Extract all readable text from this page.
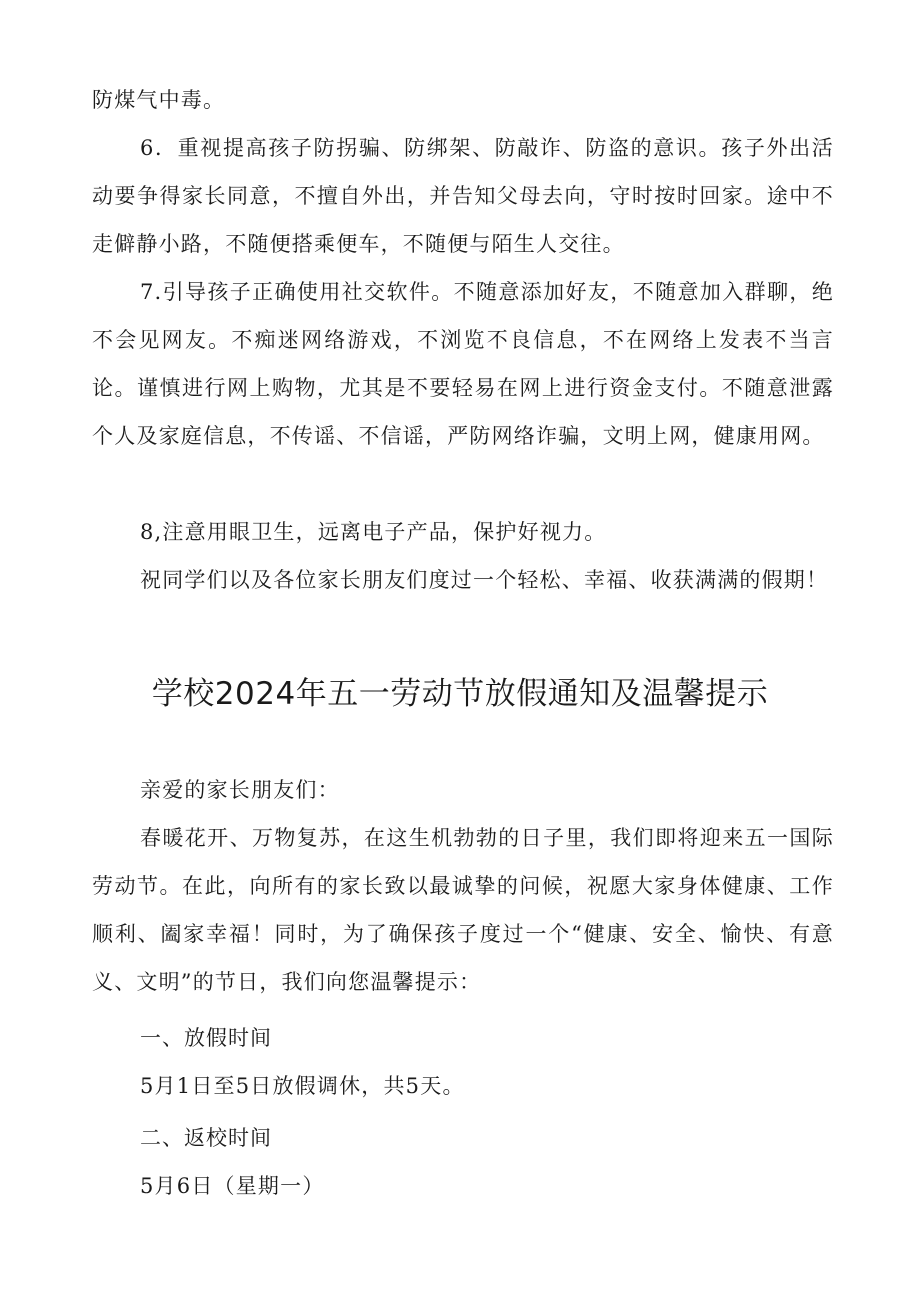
防煤气中毒。
6．重视提高孩子防拐骗、防绑架、防敲诈、防盗的意识。孩子外出活动要争得家长同意，不擅自外出，并告知父母去向，守时按时回家。途中不走僻静小路，不随便搭乘便车，不随便与陌生人交往。
7.引导孩子正确使用社交软件。不随意添加好友，不随意加入群聊，绝不会见网友。不痴迷网络游戏，不浏览不良信息，不在网络上发表不当言论。谨慎进行网上购物，尤其是不要轻易在网上进行资金支付。不随意泄露个人及家庭信息，不传谣、不信谣，严防网络诈骗，文明上网，健康用网。
8,注意用眼卫生，远离电子产品，保护好视力。
祝同学们以及各位家长朋友们度过一个轻松、幸福、收获满满的假期！
学校2024年五一劳动节放假通知及温馨提示
亲爱的家长朋友们：
春暖花开、万物复苏，在这生机勃勃的日子里，我们即将迎来五一国际劳动节。在此，向所有的家长致以最诚挚的问候，祝愿大家身体健康、工作顺利、阖家幸福！同时，为了确保孩子度过一个“健康、安全、愉快、有意义、文明”的节日，我们向您温馨提示：
一、放假时间
5月1日至5日放假调休，共5天。
二、返校时间
5月6日（星期一）
